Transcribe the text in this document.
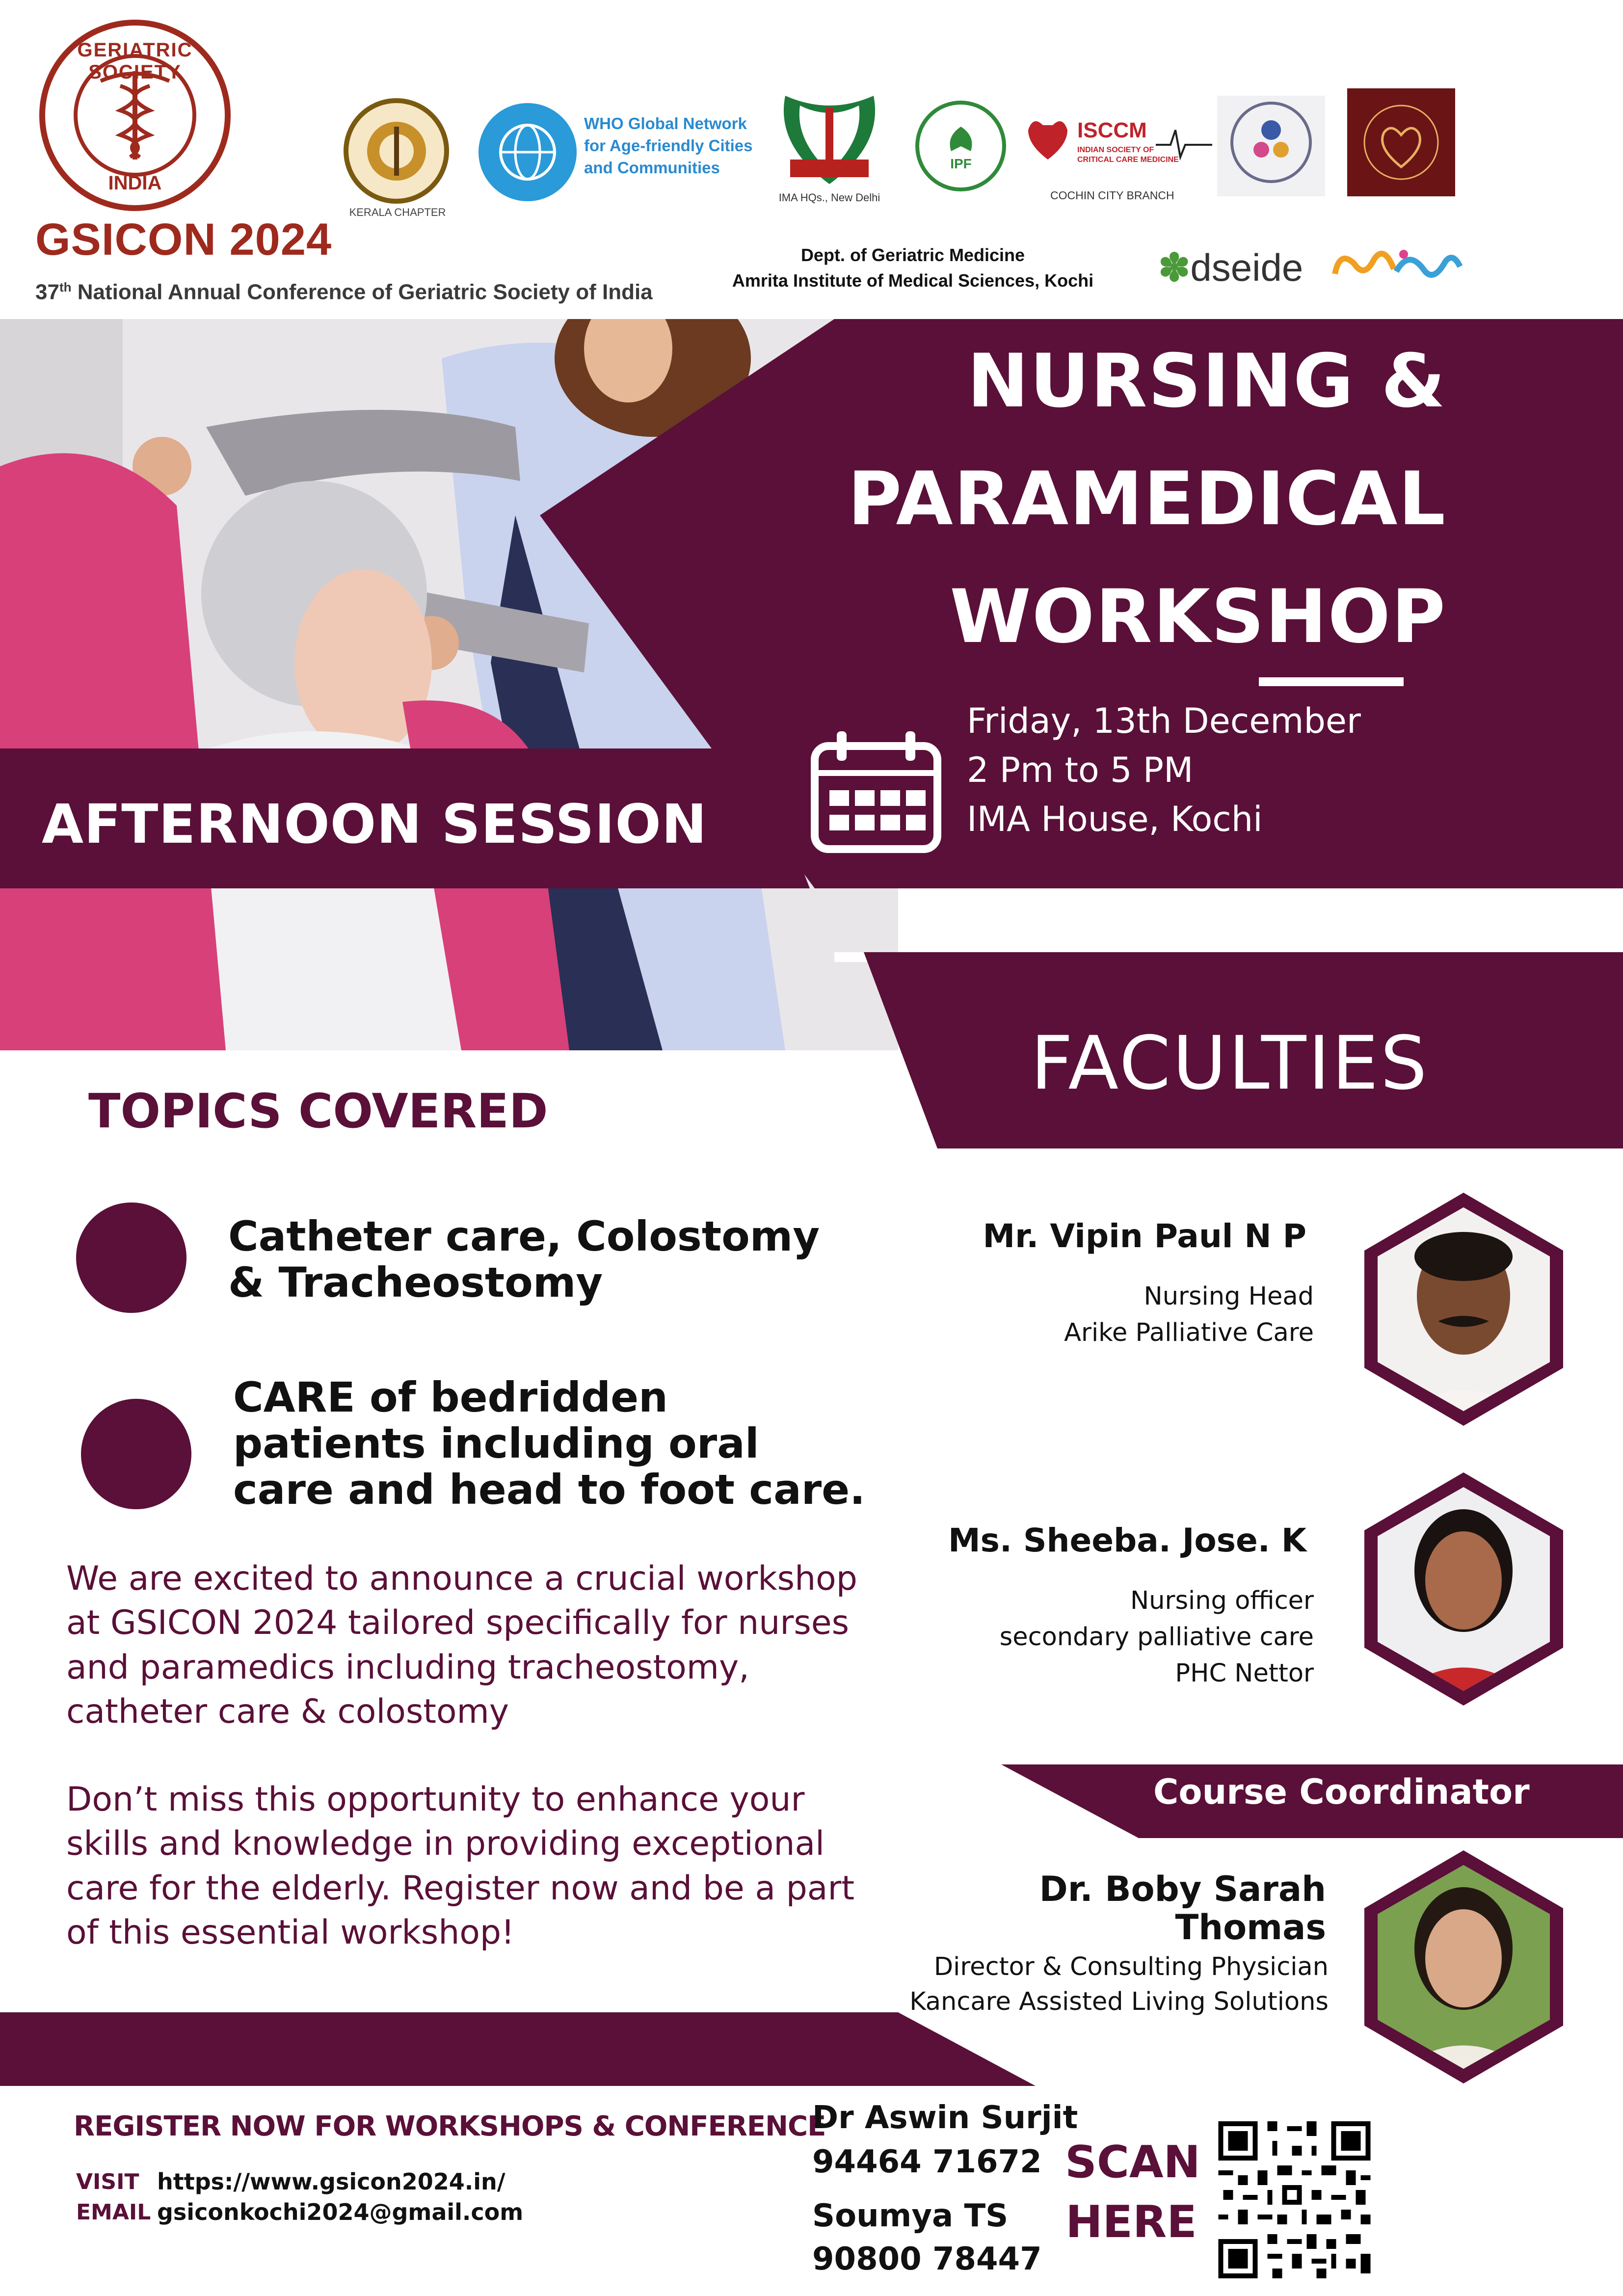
GERIATRIC SOCIETY
INDIA
GSICON 2024
37th National Annual Conference of Geriatric Society of India
KERALA CHAPTER
WHO Global Network
for Age-friendly Cities
and Communities
IMA HQs., New Delhi
IPF
ISCCM
INDIAN SOCIETY OF
CRITICAL CARE MEDICINE
COCHIN CITY BRANCH
Dept. of Geriatric Medicine
Amrita Institute of Medical Sciences, Kochi	✽dseide
NURSING &
PARAMEDICAL
WORKSHOP
Friday, 13th December
2 Pm to 5 PM
IMA House, Kochi
AFTERNOON SESSION
FACULTIES
TOPICS COVERED
Catheter care, Colostomy & Tracheostomy
CARE of bedridden patients including oral care and head to foot care.
We are excited to announce a crucial workshop at GSICON 2024 tailored specifically for nurses and paramedics including tracheostomy, catheter care & colostomy
Don’t miss this opportunity to enhance your skills and knowledge in providing exceptional care for the elderly. Register now and be a part of this essential workshop!
Mr. Vipin Paul N P
Nursing Head
Arike Palliative Care
Ms. Sheeba. Jose. K
Nursing officer
secondary palliative care
PHC Nettor
Course Coordinator
Dr. Boby Sarah
Thomas
Director & Consulting Physician
Kancare Assisted Living Solutions
REGISTER NOW FOR WORKSHOPS & CONFERENCE
VISIT https://www.gsicon2024.in/
EMAIL gsiconkochi2024@gmail.com
Dr Aswin Surjit
94464 71672
Soumya TS
90800 78447
SCAN
HERE
